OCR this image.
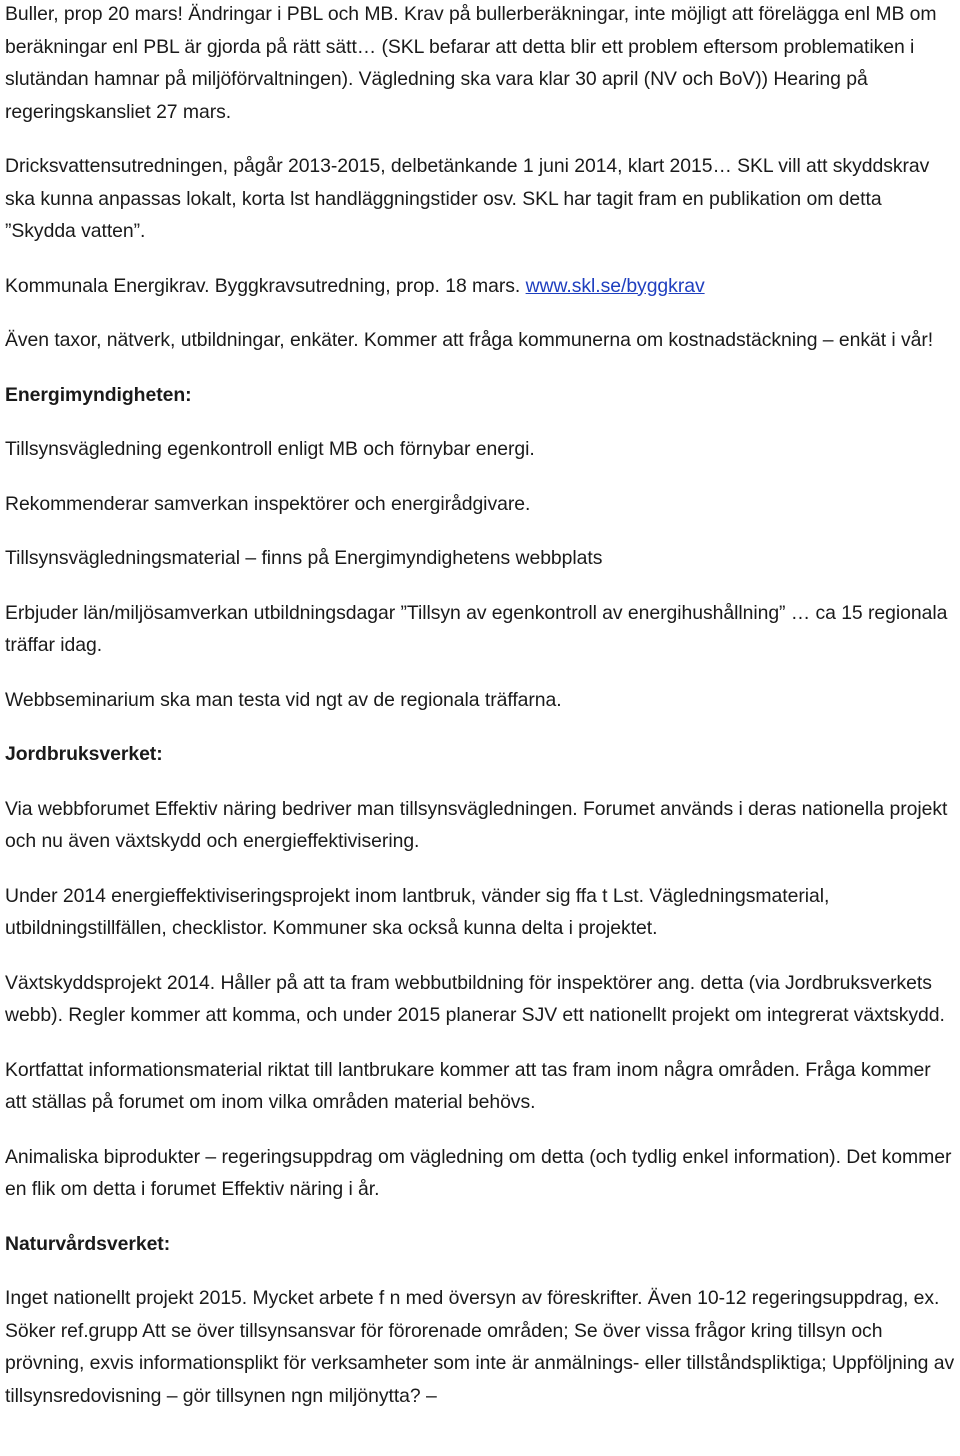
Buller, prop 20 mars! Ändringar i PBL och MB. Krav på bullerberäkningar, inte möjligt att förelägga enl MB om beräkningar enl PBL är gjorda på rätt sätt… (SKL befarar att detta blir ett problem eftersom problematiken i slutändan hamnar på miljöförvaltningen). Vägledning ska vara klar 30 april (NV och BoV)) Hearing på regeringskansliet 27 mars.

Dricksvattensutredningen, pågår 2013-2015, delbetänkande 1 juni 2014, klart 2015… SKL vill att skyddskrav ska kunna anpassas lokalt, korta lst handläggningstider osv. SKL har tagit fram en publikation om detta ”Skydda vatten”.

Kommunala Energikrav. Byggkravsutredning, prop. 18 mars. www.skl.se/byggkrav

Även taxor, nätverk, utbildningar, enkäter. Kommer att fråga kommunerna om kostnadstäckning – enkät i vår!

Energimyndigheten:

Tillsynsvägledning egenkontroll enligt MB och förnybar energi.

Rekommenderar samverkan inspektörer och energirådgivare.

Tillsynsvägledningsmaterial – finns på Energimyndighetens webbplats

Erbjuder län/miljösamverkan utbildningsdagar ”Tillsyn av egenkontroll av energihushållning” … ca 15 regionala träffar idag.

Webbseminarium ska man testa vid ngt av de regionala träffarna.

Jordbruksverket:

Via webbforumet Effektiv näring bedriver man tillsynsvägledningen. Forumet används i deras nationella projekt och nu även växtskydd och energieffektivisering.

Under 2014 energieffektiviseringsprojekt inom lantbruk, vänder sig ffa t Lst. Vägledningsmaterial, utbildningstillfällen, checklistor. Kommuner ska också kunna delta i projektet.

Växtskyddsprojekt 2014. Håller på att ta fram webbutbildning för inspektörer ang. detta (via Jordbruksverkets webb). Regler kommer att komma, och under 2015 planerar SJV ett nationellt projekt om integrerat växtskydd.

Kortfattat informationsmaterial riktat till lantbrukare kommer att tas fram inom några områden. Fråga kommer att ställas på forumet om inom vilka områden material behövs.

Animaliska biprodukter – regeringsuppdrag om vägledning om detta (och tydlig enkel information). Det kommer en flik om detta i forumet Effektiv näring i år.

Naturvårdsverket:

Inget nationellt projekt 2015. Mycket arbete f n med översyn av föreskrifter. Även 10-12 regeringsuppdrag, ex. Söker ref.grupp Att se över tillsynsansvar för förorenade områden; Se över vissa frågor kring tillsyn och prövning, exvis informationsplikt för verksamheter som inte är anmälnings- eller tillståndspliktiga; Uppföljning av tillsynsredovisning – gör tillsynen ngn miljönytta? –
